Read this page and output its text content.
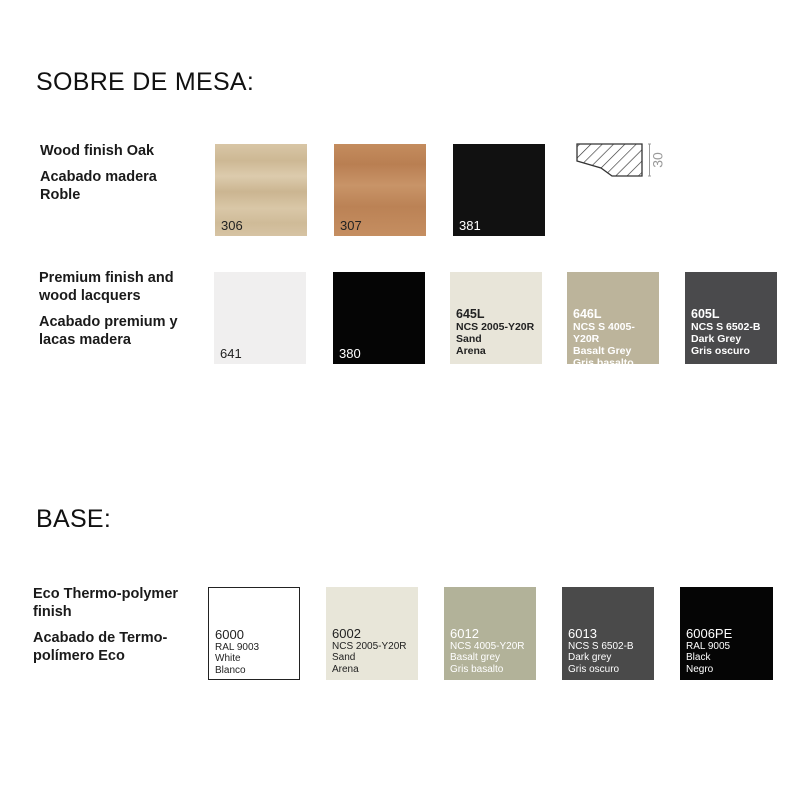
SOBRE DE MESA:
BASE:
Wood finish Oak
Acabado madera
Roble
306	307	381
30
Premium finish and
wood lacquers
Acabado premium y
lacas madera
641	380
645L
NCS 2005-Y20R
Sand
Arena
646L
NCS S 4005-Y20R
Basalt Grey
Gris basalto
605L
NCS S 6502-B
Dark Grey
Gris oscuro
Eco Thermo-polymer
finish
Acabado de Termo-
polímero Eco
6000
RAL 9003
White
Blanco
6002
NCS 2005-Y20R
Sand
Arena
6012
NCS 4005-Y20R
Basalt grey
Gris basalto
6013
NCS S 6502-B
Dark grey
Gris oscuro
6006PE
RAL 9005
Black
Negro
